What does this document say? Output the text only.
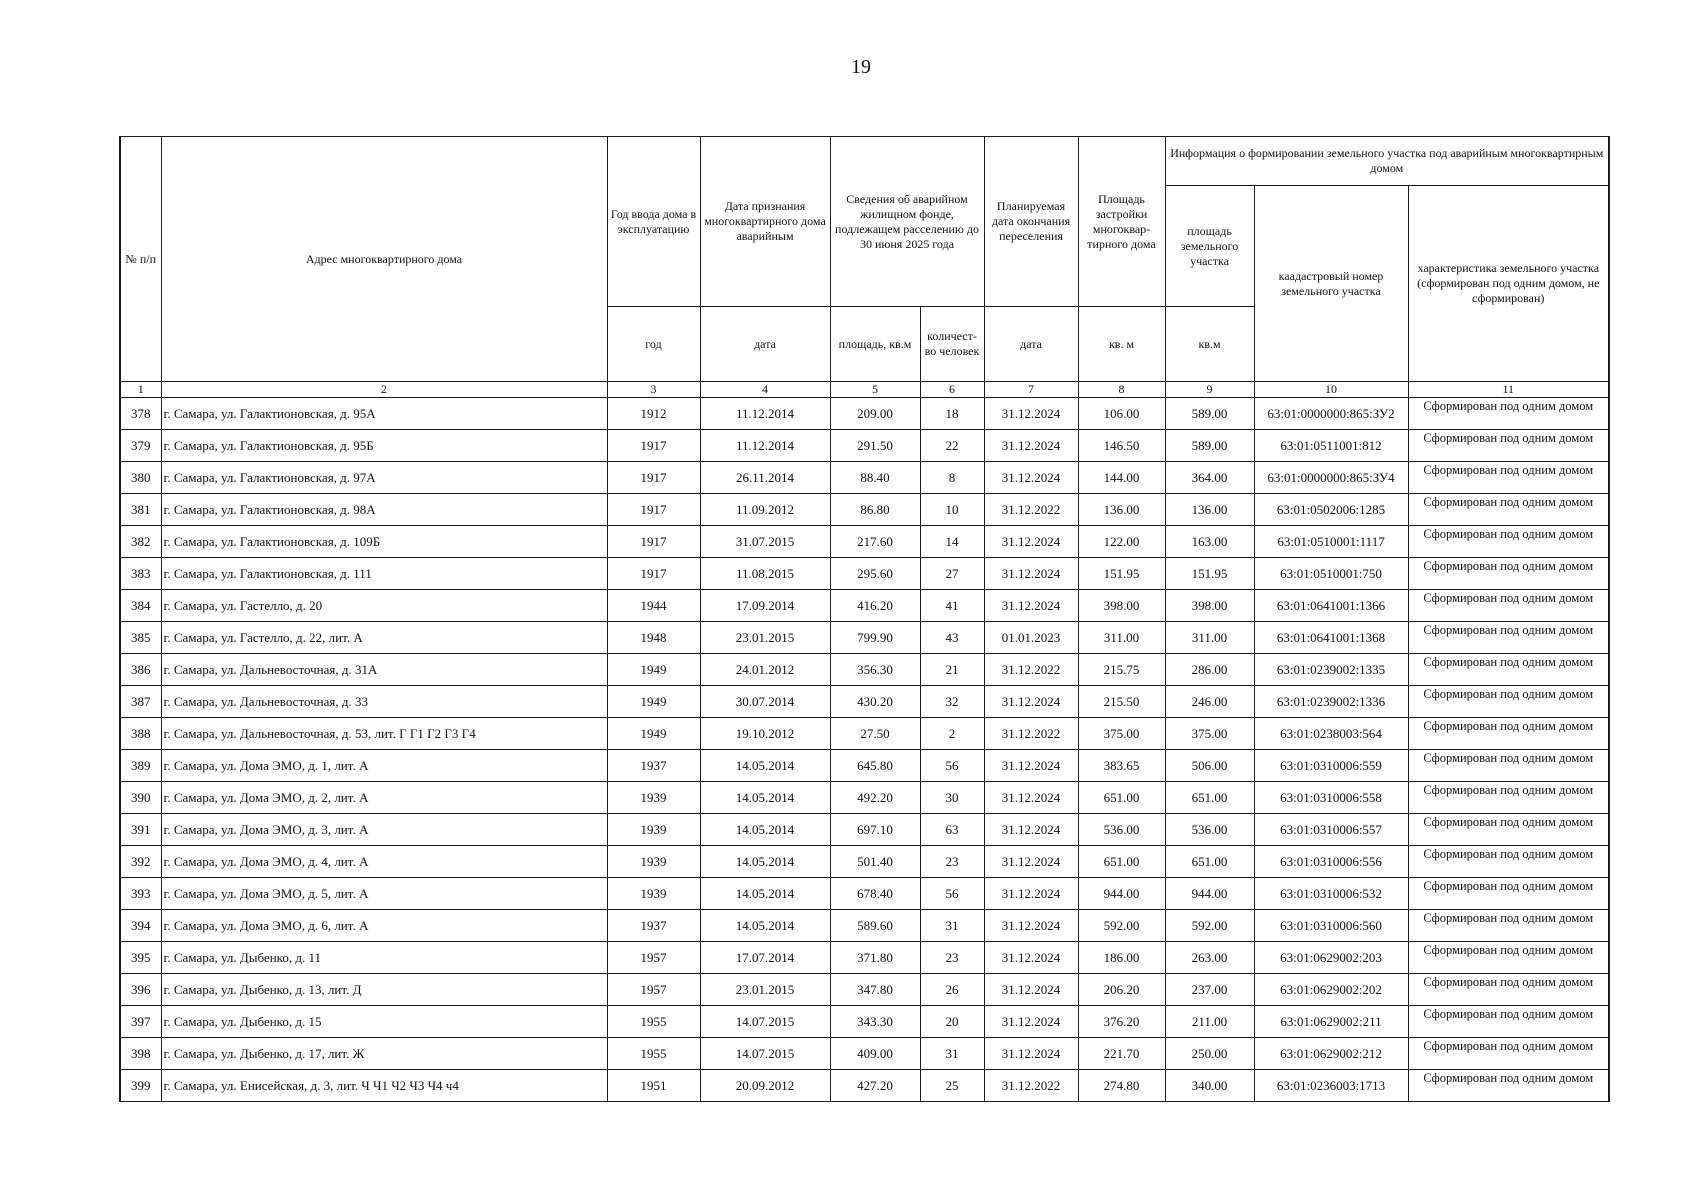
19
№ п/п	Адрес многоквартирного дома	Год ввода дома в эксплуатацию	Дата признания многоквартирного дома аварийным	Сведения об аварийном жилищном фонде, подлежащем расселению до 30 июня 2025 года		Планируемая дата окончания переселения	Площадь застройки многоквар-тирного дома	Информация о формировании земельного участка под аварийным многоквартирным домом		
								площадь земельного участка	каадастровый номер земельного участка	характеристика земельного участка (сформирован под одним домом, не сформирован)
		год	дата	площадь, кв.м	количест-во человек	дата	кв. м	кв.м		
1	2	3	4	5	6	7	8	9	10	11
378	г. Самара, ул. Галактионовская, д. 95А	1912	11.12.2014	209.00	18	31.12.2024	106.00	589.00	63:01:0000000:865:ЗУ2	Сформирован под одним домом
379	г. Самара, ул. Галактионовская, д. 95Б	1917	11.12.2014	291.50	22	31.12.2024	146.50	589.00	63:01:0511001:812	Сформирован под одним домом
380	г. Самара, ул. Галактионовская, д. 97А	1917	26.11.2014	88.40	8	31.12.2024	144.00	364.00	63:01:0000000:865:ЗУ4	Сформирован под одним домом
381	г. Самара, ул. Галактионовская, д. 98А	1917	11.09.2012	86.80	10	31.12.2022	136.00	136.00	63:01:0502006:1285	Сформирован под одним домом
382	г. Самара, ул. Галактионовская, д. 109Б	1917	31.07.2015	217.60	14	31.12.2024	122.00	163.00	63:01:0510001:1117	Сформирован под одним домом
383	г. Самара, ул. Галактионовская, д. 111	1917	11.08.2015	295.60	27	31.12.2024	151.95	151.95	63:01:0510001:750	Сформирован под одним домом
384	г. Самара, ул. Гастелло, д. 20	1944	17.09.2014	416.20	41	31.12.2024	398.00	398.00	63:01:0641001:1366	Сформирован под одним домом
385	г. Самара, ул. Гастелло, д. 22, лит. А	1948	23.01.2015	799.90	43	01.01.2023	311.00	311.00	63:01:0641001:1368	Сформирован под одним домом
386	г. Самара, ул. Дальневосточная, д. 31А	1949	24.01.2012	356.30	21	31.12.2022	215.75	286.00	63:01:0239002:1335	Сформирован под одним домом
387	г. Самара, ул. Дальневосточная, д. 33	1949	30.07.2014	430.20	32	31.12.2024	215.50	246.00	63:01:0239002:1336	Сформирован под одним домом
388	г. Самара, ул. Дальневосточная, д. 53, лит. Г Г1 Г2 Г3 Г4	1949	19.10.2012	27.50	2	31.12.2022	375.00	375.00	63:01:0238003:564	Сформирован под одним домом
389	г. Самара, ул. Дома ЭМО, д. 1, лит. А	1937	14.05.2014	645.80	56	31.12.2024	383.65	506.00	63:01:0310006:559	Сформирован под одним домом
390	г. Самара, ул. Дома ЭМО, д. 2, лит. А	1939	14.05.2014	492.20	30	31.12.2024	651.00	651.00	63:01:0310006:558	Сформирован под одним домом
391	г. Самара, ул. Дома ЭМО, д. 3, лит. А	1939	14.05.2014	697.10	63	31.12.2024	536.00	536.00	63:01:0310006:557	Сформирован под одним домом
392	г. Самара, ул. Дома ЭМО, д. 4, лит. А	1939	14.05.2014	501.40	23	31.12.2024	651.00	651.00	63:01:0310006:556	Сформирован под одним домом
393	г. Самара, ул. Дома ЭМО, д. 5, лит. А	1939	14.05.2014	678.40	56	31.12.2024	944.00	944.00	63:01:0310006:532	Сформирован под одним домом
394	г. Самара, ул. Дома ЭМО, д. 6, лит. А	1937	14.05.2014	589.60	31	31.12.2024	592.00	592.00	63:01:0310006:560	Сформирован под одним домом
395	г. Самара, ул. Дыбенко, д. 11	1957	17.07.2014	371.80	23	31.12.2024	186.00	263.00	63:01:0629002:203	Сформирован под одним домом
396	г. Самара, ул. Дыбенко, д. 13, лит. Д	1957	23.01.2015	347.80	26	31.12.2024	206.20	237.00	63:01:0629002:202	Сформирован под одним домом
397	г. Самара, ул. Дыбенко, д. 15	1955	14.07.2015	343.30	20	31.12.2024	376.20	211.00	63:01:0629002:211	Сформирован под одним домом
398	г. Самара, ул. Дыбенко, д. 17, лит. Ж	1955	14.07.2015	409.00	31	31.12.2024	221.70	250.00	63:01:0629002:212	Сформирован под одним домом
399	г. Самара, ул. Енисейская, д. 3, лит. Ч Ч1 Ч2 Ч3 Ч4 ч4	1951	20.09.2012	427.20	25	31.12.2022	274.80	340.00	63:01:0236003:1713	Сформирован под одним домом
